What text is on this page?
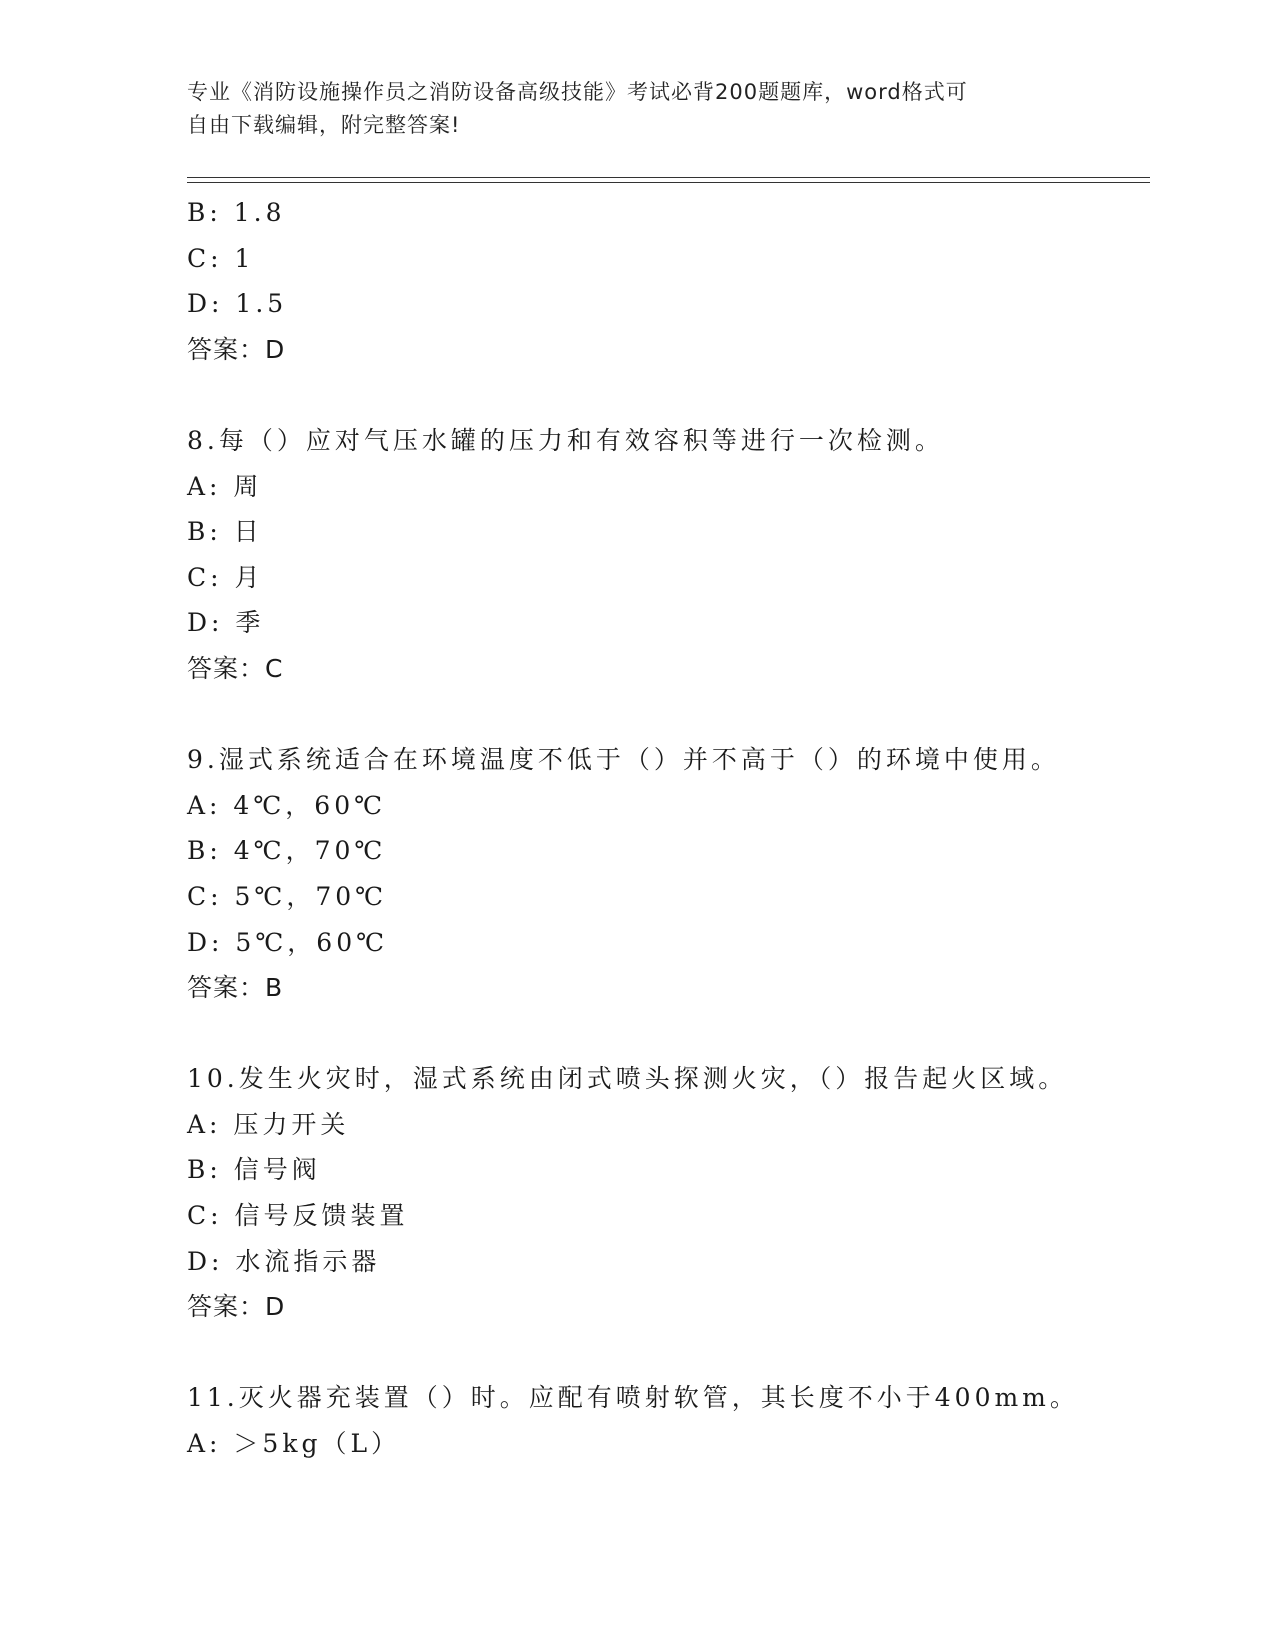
专业《消防设施操作员之消防设备高级技能》考试必背200题题库，word格式可
自由下载编辑，附完整答案!
B: 1.8
C: 1
D: 1.5
答案：D
8.每（）应对气压水罐的压力和有效容积等进行一次检测。
A: 周
B: 日
C: 月
D: 季
答案：C
9.湿式系统适合在环境温度不低于（）并不高于（）的环境中使用。
A: 4℃，60℃
B: 4℃，70℃
C: 5℃，70℃
D: 5℃，60℃
答案：B
10.发生火灾时，湿式系统由闭式喷头探测火灾，（）报告起火区域。
A: 压力开关
B: 信号阀
C: 信号反馈装置
D: 水流指示器
答案：D
11.灭火器充装置（）时。应配有喷射软管，其长度不小于400mm。
A: ＞5kg（L）
